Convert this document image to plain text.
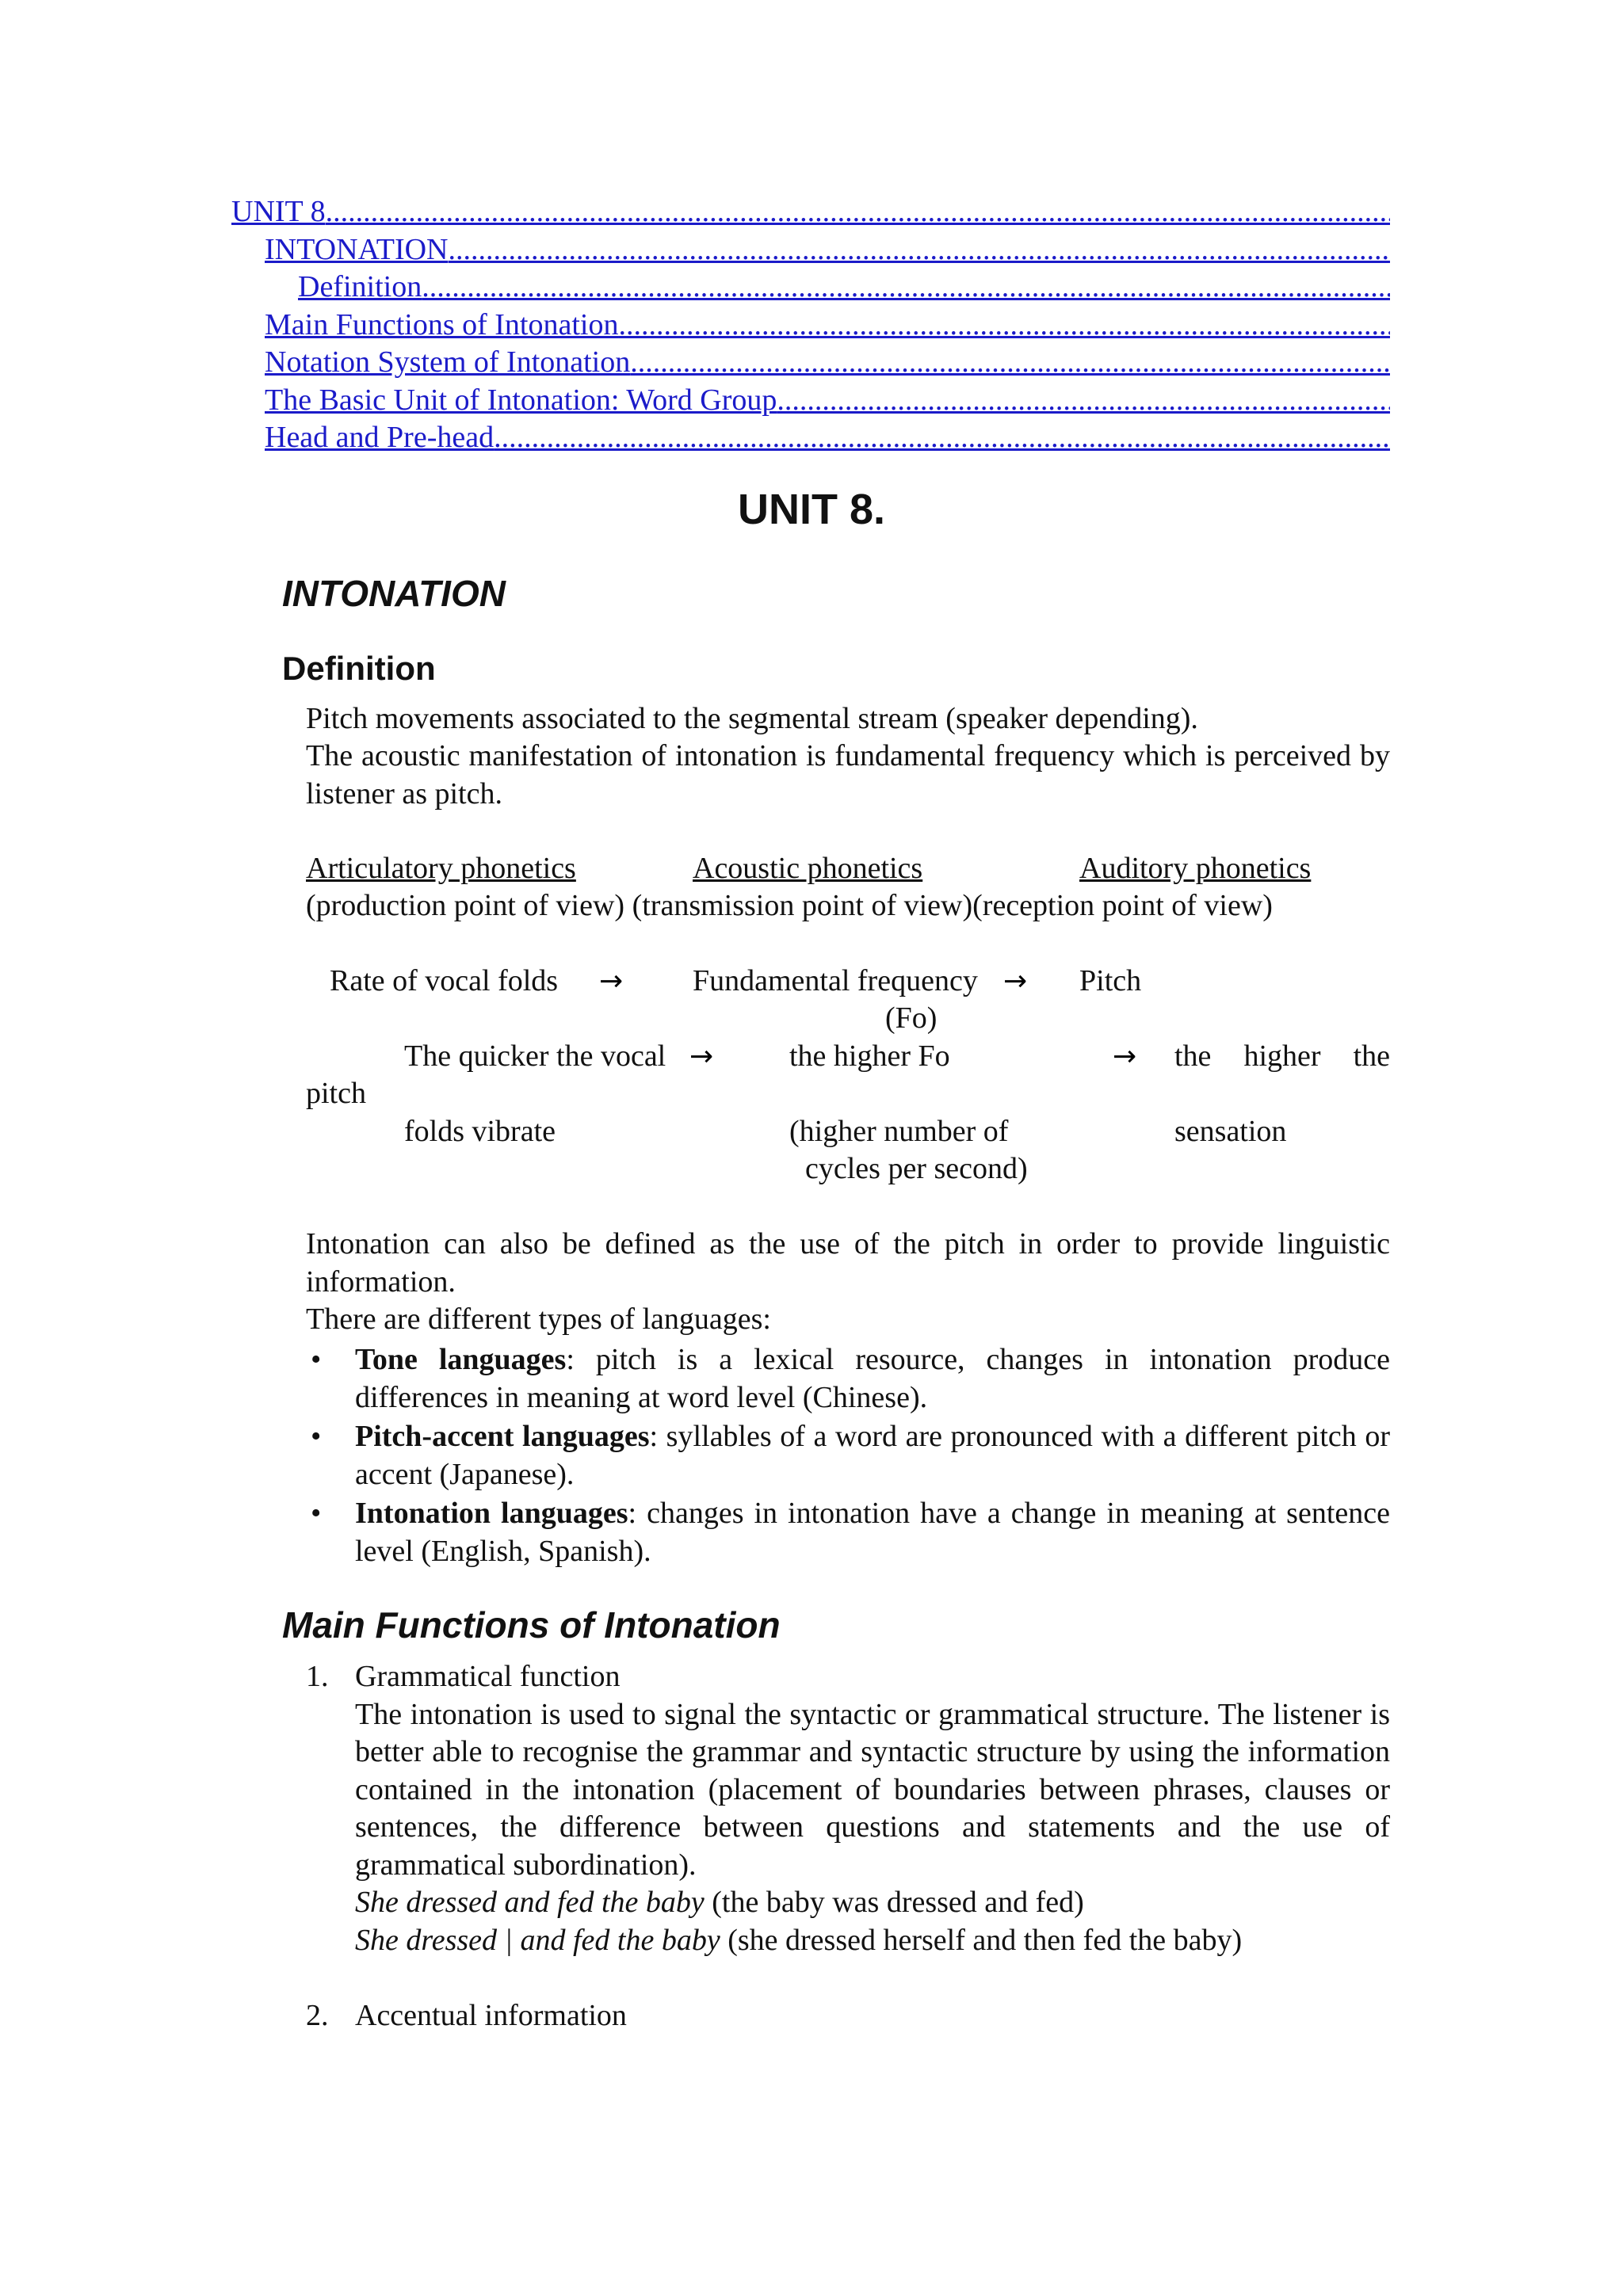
UNIT 8
.....
INTONATION
.....
Definition
.....
Main Functions of Intonation
.....
Notation System of Intonation
.....
The Basic Unit of Intonation: Word Group
.....
Head and Pre-head
.....
UNIT 8.
INTONATION
Definition

Pitch movements associated to the segmental stream (speaker depending).

The acoustic manifestation of intonation is fundamental frequency which is perceived by listener as pitch.

Articulatory phonetics	Acoustic phonetics	Auditory phonetics
(production point of view) (transmission point of view)(reception point of view)
Rate of vocal folds → Fundamental frequency → Pitch
(Fo)
The quicker the vocal →	the higher Fo	→ the higher the
pitch
folds vibrate	(higher number of	sensation
cycles per second)

Intonation can also be defined as the use of the pitch in order to provide linguistic information.

There are different types of languages:

• Tone languages: pitch is a lexical resource, changes in intonation produce differences in meaning at word level (Chinese).
• Pitch-accent languages: syllables of a word are pronounced with a different pitch or accent (Japanese).
• Intonation languages: changes in intonation have a change in meaning at sentence level (English, Spanish).
Main Functions of Intonation
1. Grammatical function
The intonation is used to signal the syntactic or grammatical structure. The listener is better able to recognise the grammar and syntactic structure by using the information contained in the intonation (placement of boundaries between phrases, clauses or sentences, the difference between questions and statements and the use of grammatical subordination).
She dressed and fed the baby (the baby was dressed and fed)
She dressed | and fed the baby (she dressed herself and then fed the baby)
2. Accentual information
